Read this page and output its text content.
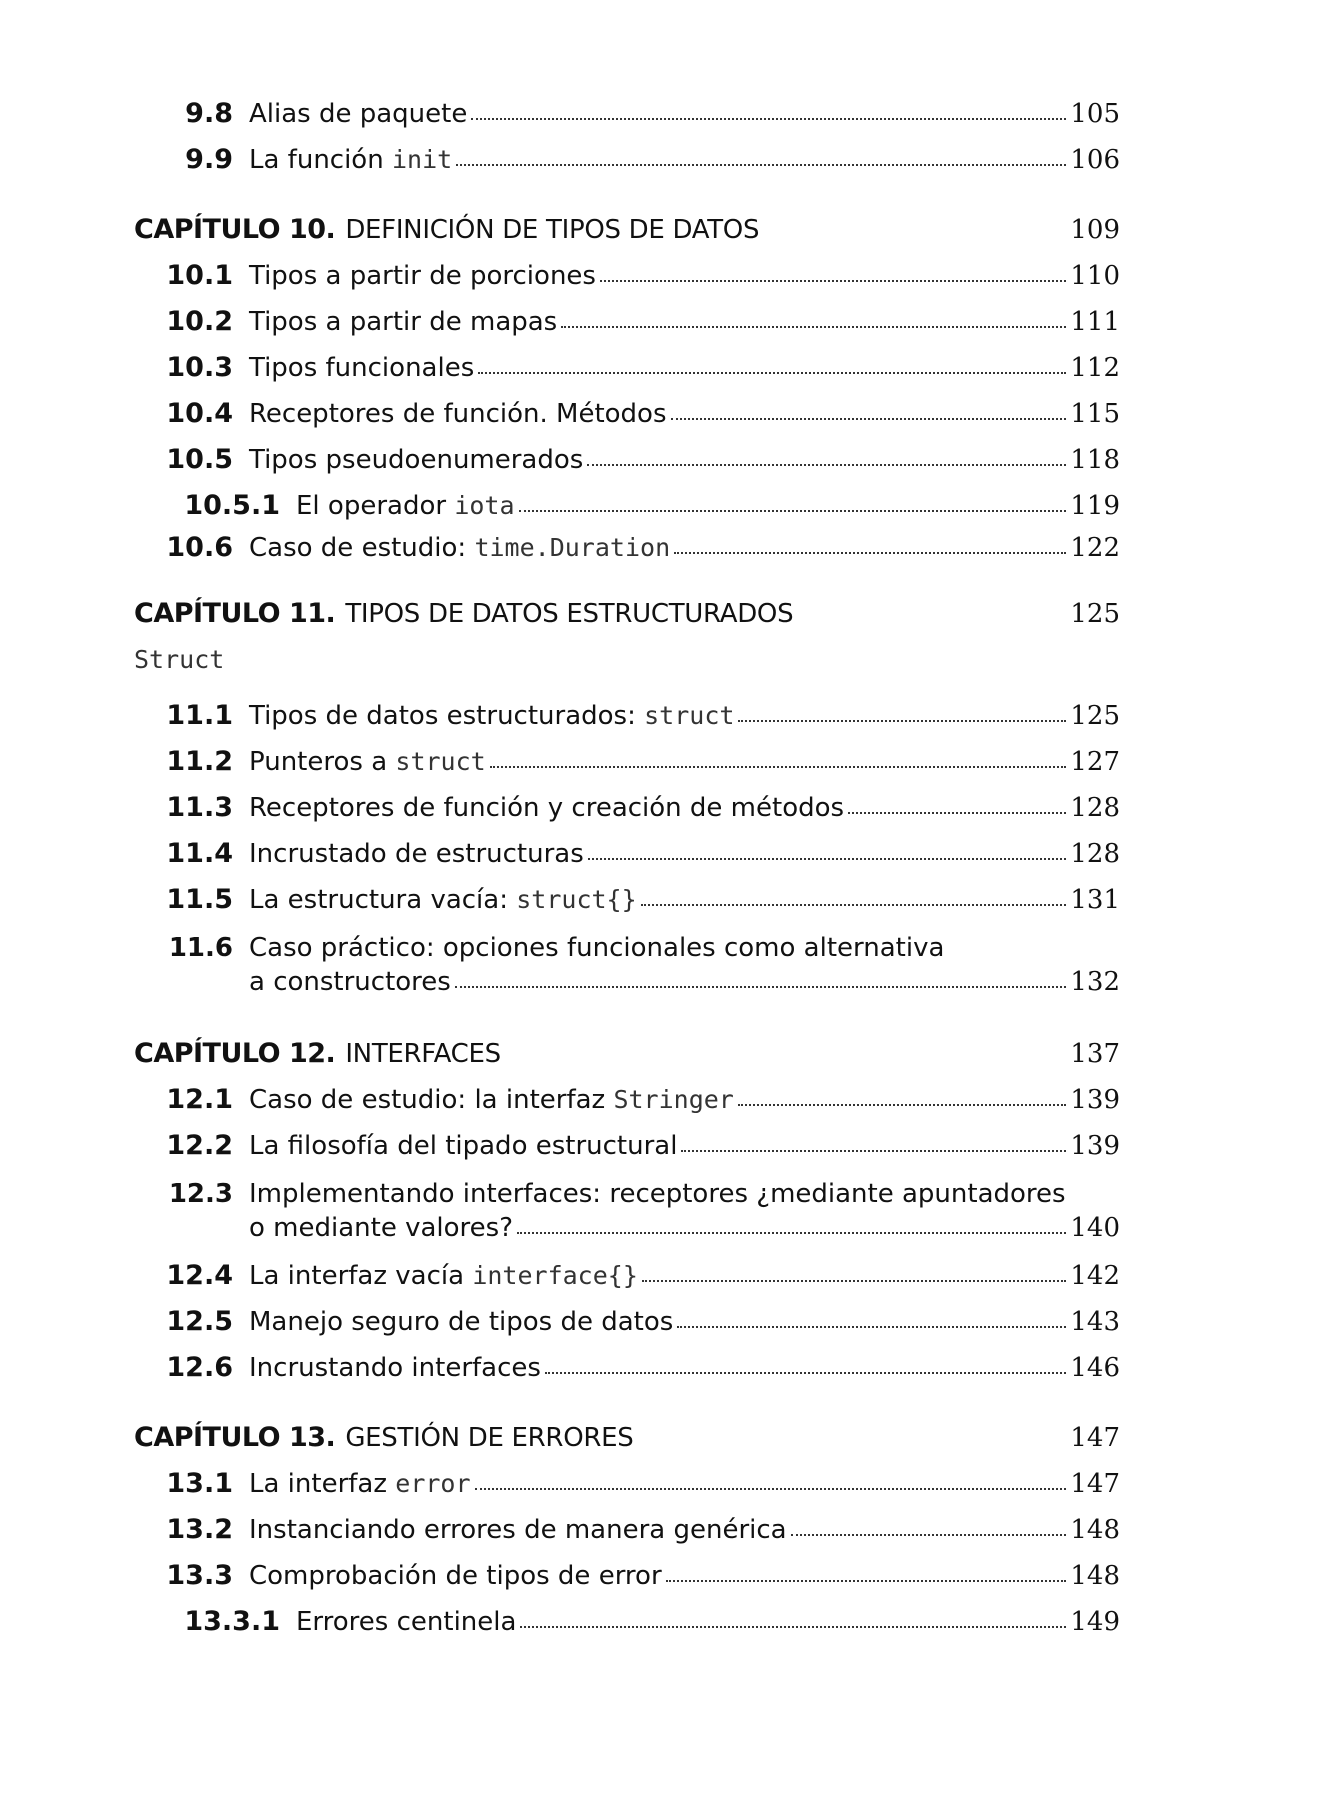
9.8 Alias de paquete	105
9.9 La función init	106
CAPÍTULO 10. DEFINICIÓN DE TIPOS DE DATOS	109
10.1 Tipos a partir de porciones	110
10.2 Tipos a partir de mapas	111
10.3 Tipos funcionales	112
10.4 Receptores de función. Métodos	115
10.5 Tipos pseudoenumerados	118
10.5.1 El operador iota	119
10.6 Caso de estudio: time.Duration	122
CAPÍTULO 11. TIPOS DE DATOS ESTRUCTURADOS	125
Struct
11.1 Tipos de datos estructurados: struct	125
11.2 Punteros a struct	127
11.3 Receptores de función y creación de métodos	128
11.4 Incrustado de estructuras	128
11.5 La estructura vacía: struct{}	131
11.6 Caso práctico: opciones funcionales como alternativa
a constructores	132
CAPÍTULO 12. INTERFACES	137
12.1 Caso de estudio: la interfaz Stringer	139
12.2 La filosofía del tipado estructural	139
12.3 Implementando interfaces: receptores ¿mediante apuntadores
o mediante valores?	140
12.4 La interfaz vacía interface{}	142
12.5 Manejo seguro de tipos de datos	143
12.6 Incrustando interfaces	146
CAPÍTULO 13. GESTIÓN DE ERRORES	147
13.1 La interfaz error	147
13.2 Instanciando errores de manera genérica	148
13.3 Comprobación de tipos de error	148
13.3.1 Errores centinela	149
